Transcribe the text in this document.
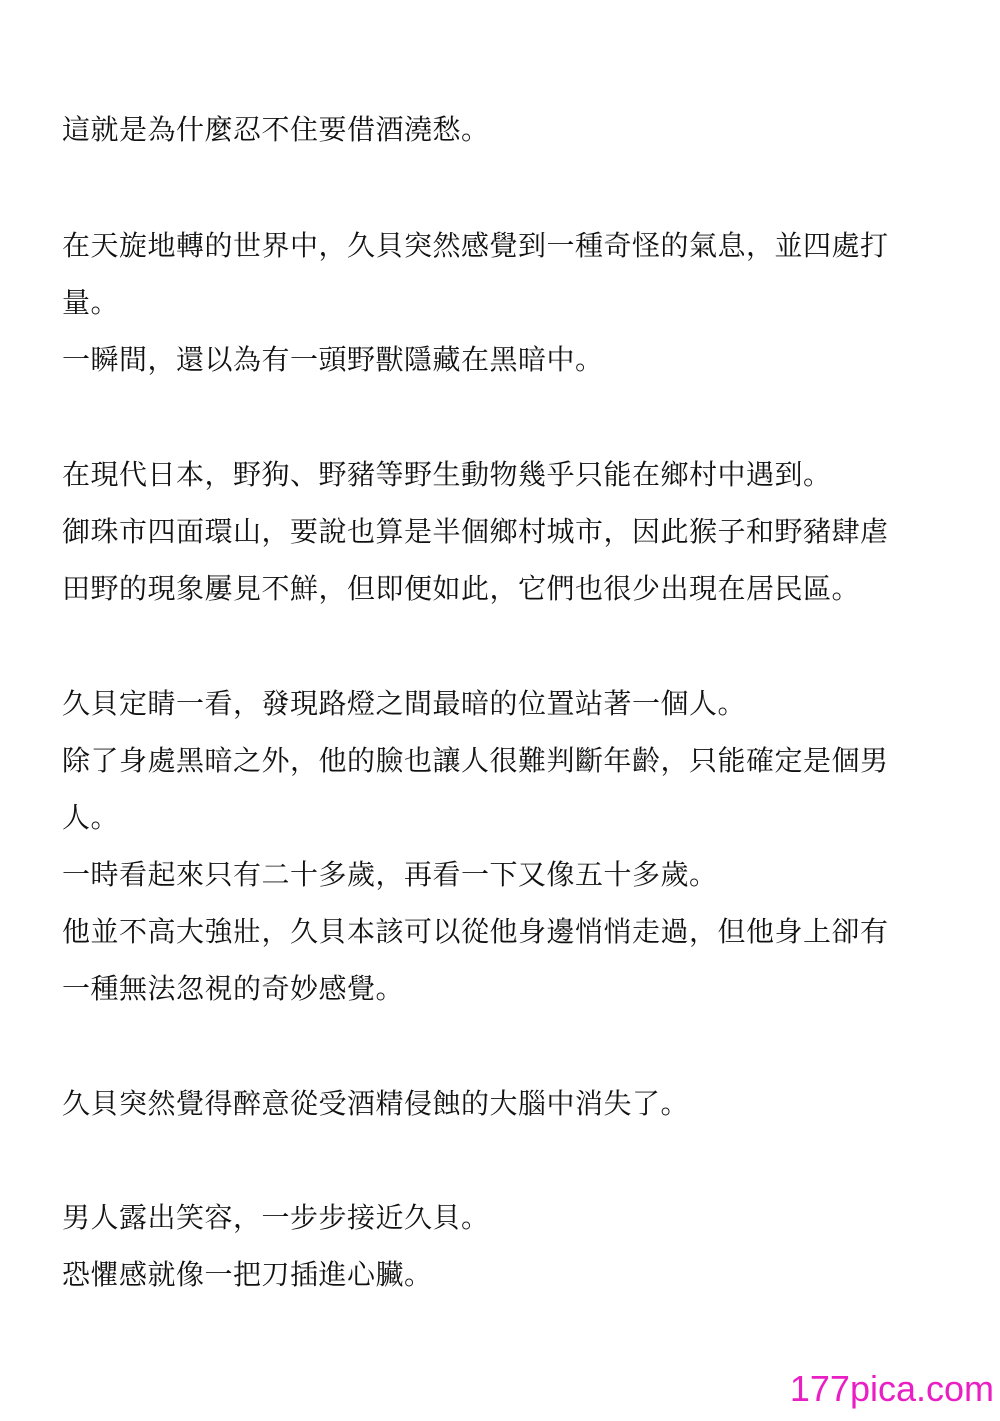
這就是為什麼忍不住要借酒澆愁。
在天旋地轉的世界中，久貝突然感覺到一種奇怪的氣息，並四處打
量。
一瞬間，還以為有一頭野獸隱藏在黑暗中。
在現代日本，野狗、野豬等野生動物幾乎只能在鄉村中遇到。
御珠市四面環山，要說也算是半個鄉村城市，因此猴子和野豬肆虐
田野的現象屢見不鮮，但即便如此，它們也很少出現在居民區。
久貝定睛一看，發現路燈之間最暗的位置站著一個人。
除了身處黑暗之外，他的臉也讓人很難判斷年齡，只能確定是個男
人。
一時看起來只有二十多歲，再看一下又像五十多歲。
他並不高大強壯，久貝本該可以從他身邊悄悄走過，但他身上卻有
一種無法忽視的奇妙感覺。
久貝突然覺得醉意從受酒精侵蝕的大腦中消失了。
男人露出笑容，一步步接近久貝。
恐懼感就像一把刀插進心臟。
177pica.com
